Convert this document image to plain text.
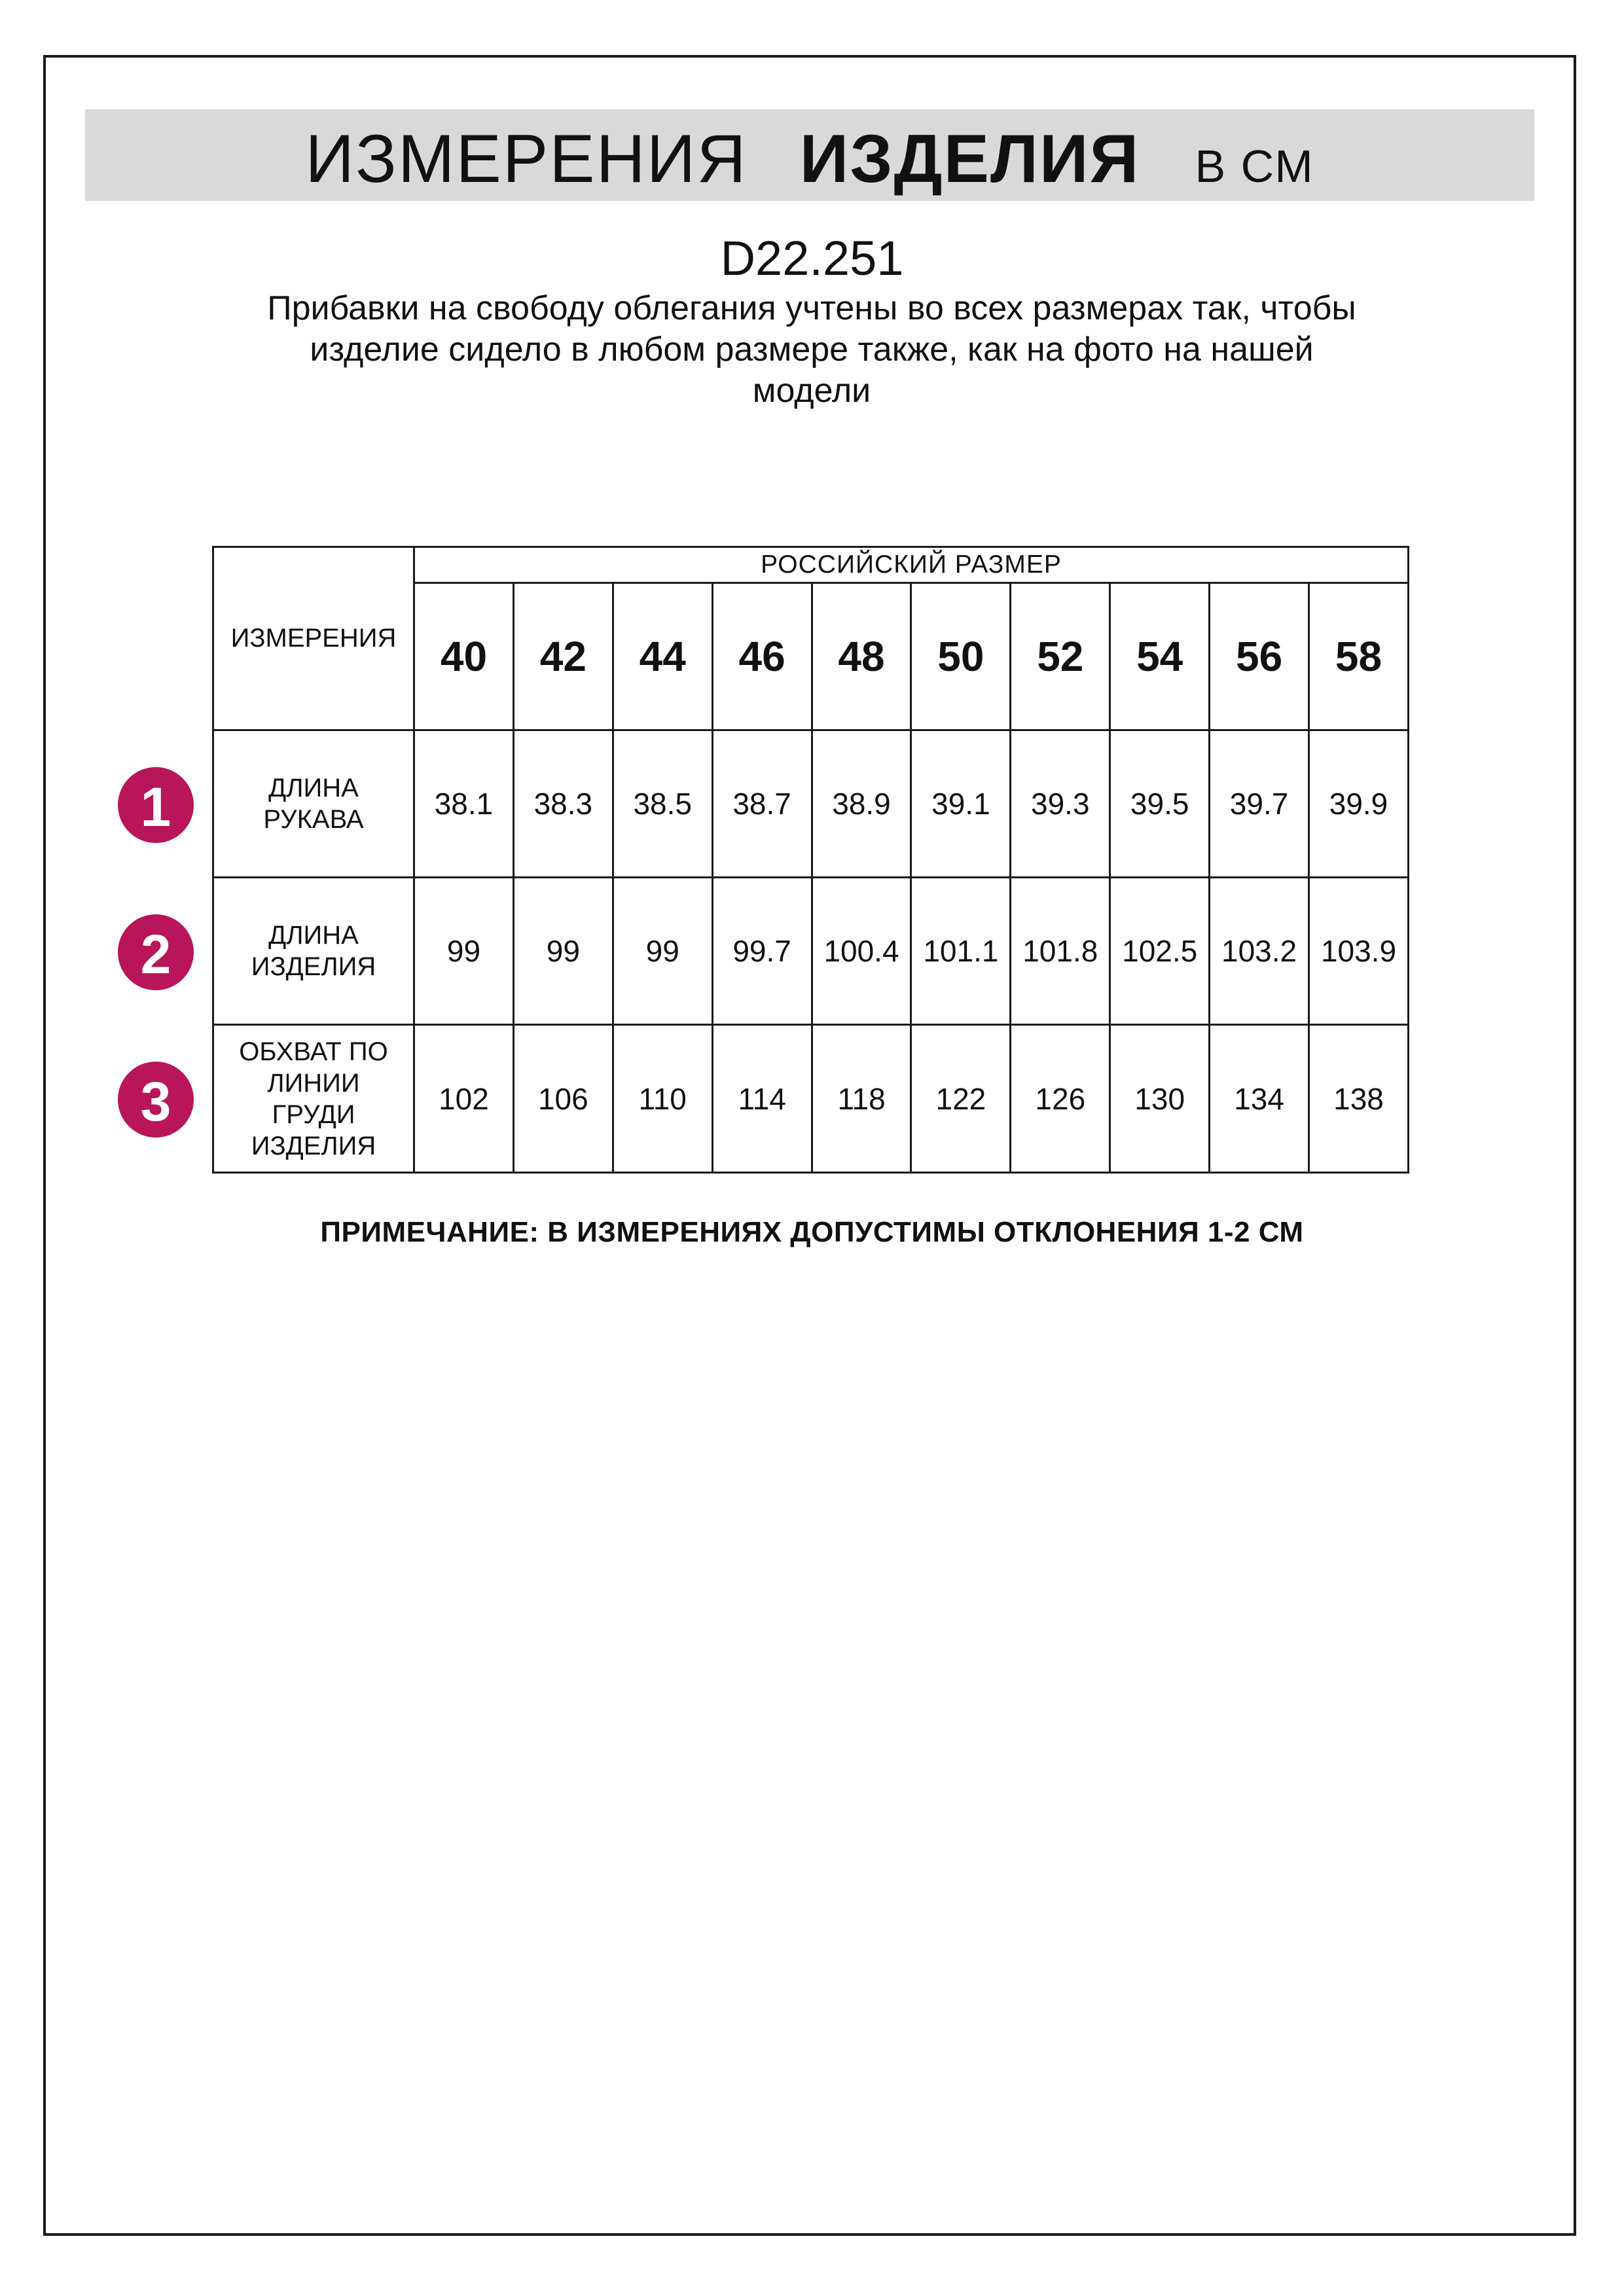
ИЗМЕРЕНИЯ ИЗДЕЛИЯ В СМ
D22.251
Прибавки на свободу облегания учтены во всех размерах так, чтобы
изделие сидело в любом размере также, как на фото на нашей
модели
ИЗМЕРЕНИЯ	РОССИЙСКИЙ РАЗМЕР									
	40	42	44	46	48	50	52	54	56	58

ДЛИНА
РУКАВА	38.1	38.3	38.5	38.7	38.9	39.1	39.3	39.5	39.7	39.9

ДЛИНА
ИЗДЕЛИЯ	99	99	99	99.7	100.4	101.1	101.8	102.5	103.2	103.9

ОБХВАТ ПО
ЛИНИИ
ГРУДИ
ИЗДЕЛИЯ	102	106	110	114	118	122	126	130	134	138
1
2
3
ПРИМЕЧАНИЕ: В ИЗМЕРЕНИЯХ ДОПУСТИМЫ ОТКЛОНЕНИЯ 1-2 СМ
